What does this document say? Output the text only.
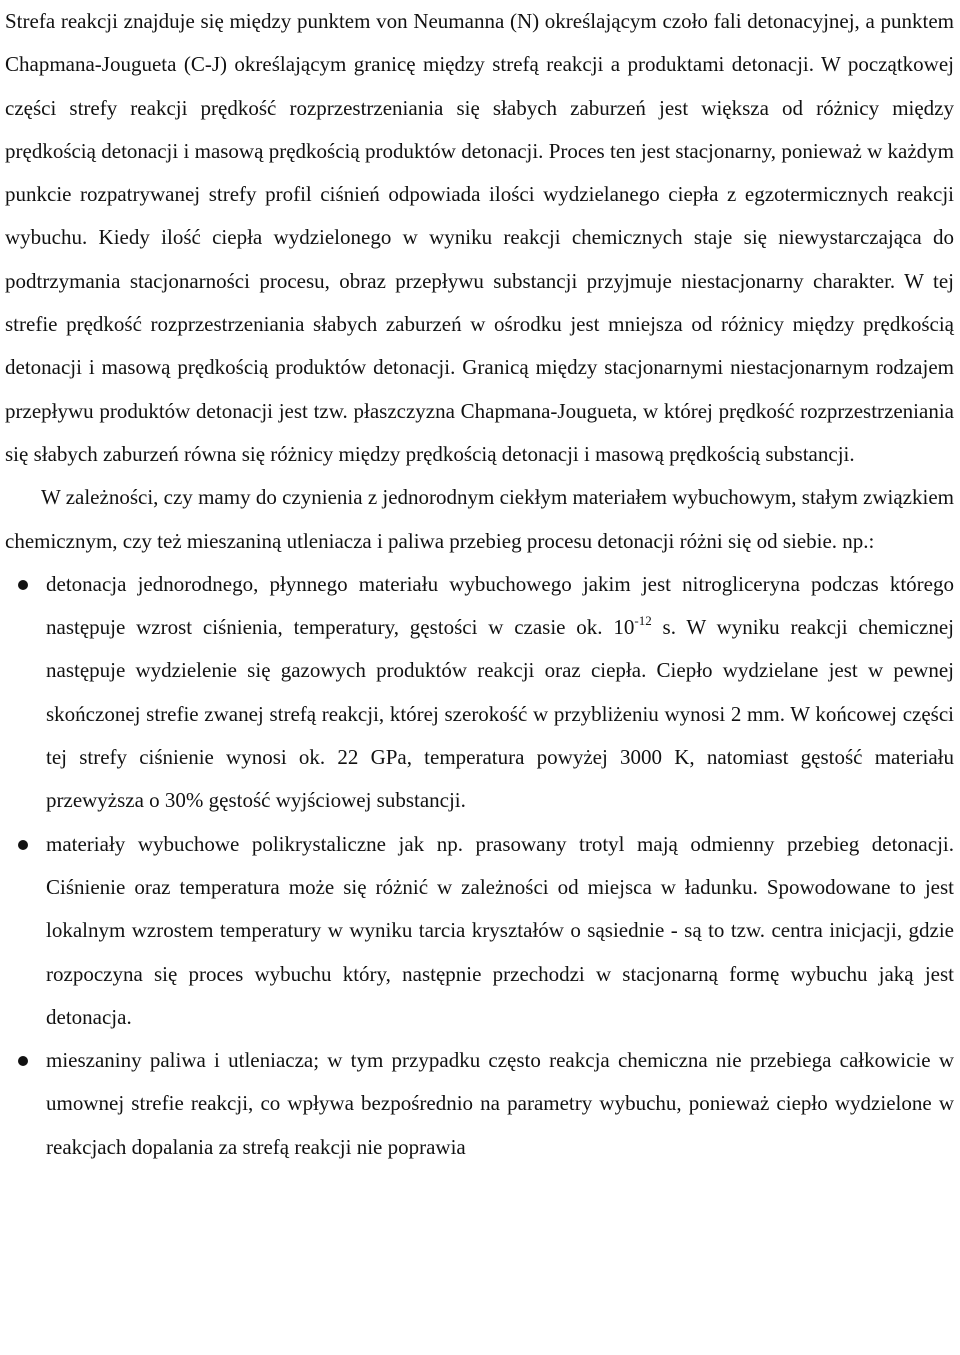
Strefa reakcji znajduje się między punktem von Neumanna (N) określającym czoło fali detonacyjnej, a punktem Chapmana-Jougueta (C-J) określającym granicę między strefą reakcji a produktami detonacji. W początkowej części strefy reakcji prędkość rozprzestrzeniania się słabych zaburzeń jest większa od różnicy między prędkością detonacji i masową prędkością produktów detonacji. Proces ten jest stacjonarny, ponieważ w każdym punkcie rozpatrywanej strefy profil ciśnień odpowiada ilości wydzielanego ciepła z egzotermicznych reakcji wybuchu. Kiedy ilość ciepła wydzielonego w wyniku reakcji chemicznych staje się niewystarczająca do podtrzymania stacjonarności procesu, obraz przepływu substancji przyjmuje niestacjonarny charakter. W tej strefie prędkość rozprzestrzeniania słabych zaburzeń w ośrodku jest mniejsza od różnicy między prędkością detonacji i masową prędkością produktów detonacji. Granicą między stacjonarnymi niestacjonarnym rodzajem przepływu produktów detonacji jest tzw. płaszczyzna Chapmana-Jougueta, w której prędkość rozprzestrzeniania się słabych zaburzeń równa się różnicy między prędkością detonacji i masową prędkością substancji.

W zależności, czy mamy do czynienia z jednorodnym ciekłym materiałem wybuchowym, stałym związkiem chemicznym, czy też mieszaniną utleniacza i paliwa przebieg procesu detonacji różni się od siebie. np.:

detonacja jednorodnego, płynnego materiału wybuchowego jakim jest nitrogliceryna podczas którego następuje wzrost ciśnienia, temperatury, gęstości w czasie ok. $10^{-12}$ s. W wyniku reakcji chemicznej następuje wydzielenie się gazowych produktów reakcji oraz ciepła. Ciepło wydzielane jest w pewnej skończonej strefie zwanej strefą reakcji, której szerokość w przybliżeniu wynosi 2 mm. W końcowej części tej strefy ciśnienie wynosi ok. 22 GPa, temperatura powyżej 3000 K, natomiast gęstość materiału przewyższa o 30% gęstość wyjściowej substancji.
materiały wybuchowe polikrystaliczne jak np. prasowany trotyl mają odmienny przebieg detonacji. Ciśnienie oraz temperatura może się różnić w zależności od miejsca w ładunku. Spowodowane to jest lokalnym wzrostem temperatury w wyniku tarcia kryształów o sąsiednie - są to tzw. centra inicjacji, gdzie rozpoczyna się proces wybuchu który, następnie przechodzi w stacjonarną formę wybuchu jaką jest detonacja.
mieszaniny paliwa i utleniacza; w tym przypadku często reakcja chemiczna nie przebiega całkowicie w umownej strefie reakcji, co wpływa bezpośrednio na parametry wybuchu, ponieważ ciepło wydzielone w reakcjach dopalania za strefą reakcji nie poprawia
